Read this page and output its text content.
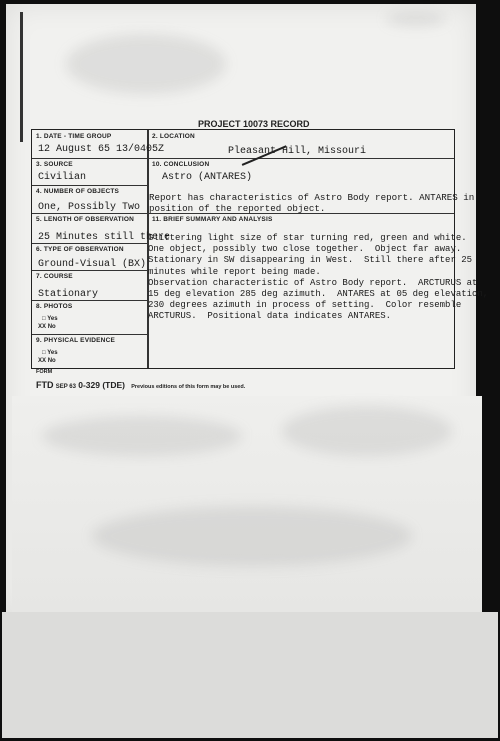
PROJECT 10073 RECORD
1. DATE - TIME GROUP
12 August 65 13/0405Z
2. LOCATION
Pleasant Hill, Missouri
3. SOURCE
Civilian
10. CONCLUSION
Astro (ANTARES)
4. NUMBER OF OBJECTS
One, Possibly Two
Report has characteristics of Astro Body report. ANTARES in
position of the reported object.
5. LENGTH OF OBSERVATION
25 Minutes still there
11. BRIEF SUMMARY AND ANALYSIS
Glittering light size of star turning red, green and white.
One object, possibly two close together.  Object far away.
Stationary in SW disappearing in West.  Still there after 25
minutes while report being made.
Observation characteristic of Astro Body report.  ARCTURUS at
15 deg elevation 285 deg azimuth.  ANTARES at 05 deg elevation,
230 degrees azimuth in process of setting.  Color resemble
ARCTURUS.  Positional data indicates ANTARES.
6. TYPE OF OBSERVATION
Ground-Visual (BX)
7. COURSE
Stationary
8. PHOTOS
□ Yes
XX No
9. PHYSICAL EVIDENCE
□ Yes
XX No
FORM
FTD SEP 63 0-329 (TDE) Previous editions of this form may be used.
